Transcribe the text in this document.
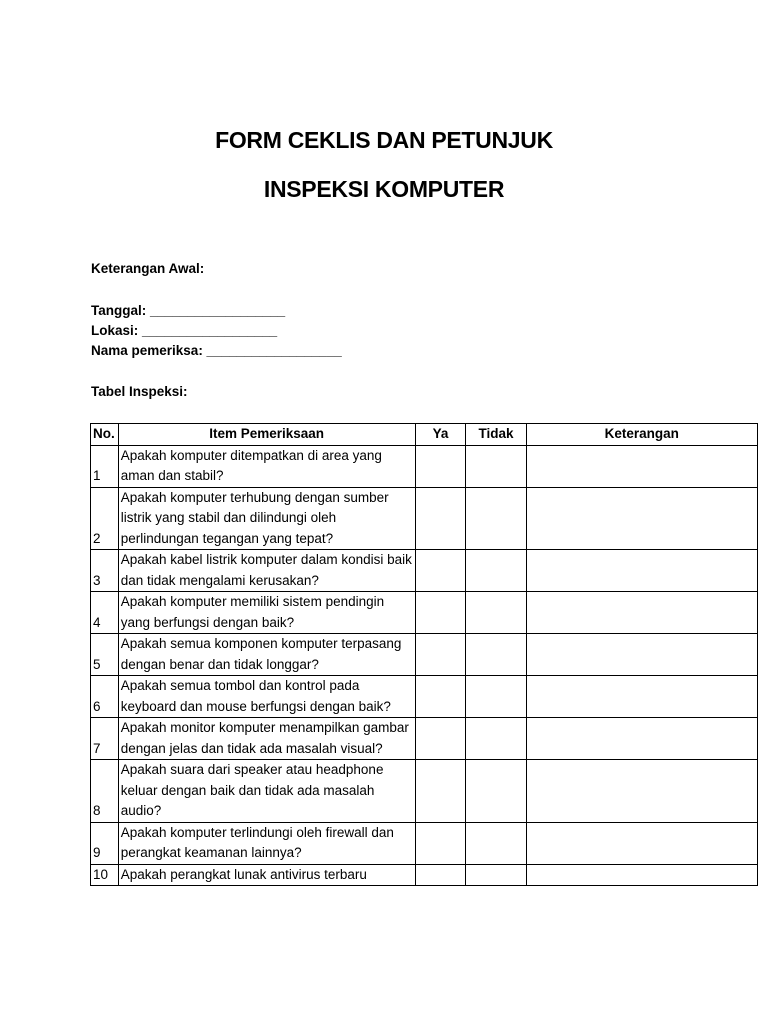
FORM CEKLIS DAN PETUNJUK
INSPEKSI KOMPUTER
Keterangan Awal:
Tanggal: __________________
Lokasi: __________________
Nama pemeriksa: __________________
Tabel Inspeksi:
No.	Item Pemeriksaan	Ya	Tidak	Keterangan
1	Apakah komputer ditempatkan di area yang aman dan stabil?			
2	Apakah komputer terhubung dengan sumber listrik yang stabil dan dilindungi oleh perlindungan tegangan yang tepat?			
3	Apakah kabel listrik komputer dalam kondisi baik dan tidak mengalami kerusakan?			
4	Apakah komputer memiliki sistem pendingin yang berfungsi dengan baik?			
5	Apakah semua komponen komputer terpasang dengan benar dan tidak longgar?			
6	Apakah semua tombol dan kontrol pada keyboard dan mouse berfungsi dengan baik?			
7	Apakah monitor komputer menampilkan gambar dengan jelas dan tidak ada masalah visual?			
8	Apakah suara dari speaker atau headphone keluar dengan baik dan tidak ada masalah audio?			
9	Apakah komputer terlindungi oleh firewall dan perangkat keamanan lainnya?			
10	Apakah perangkat lunak antivirus terbaru			
